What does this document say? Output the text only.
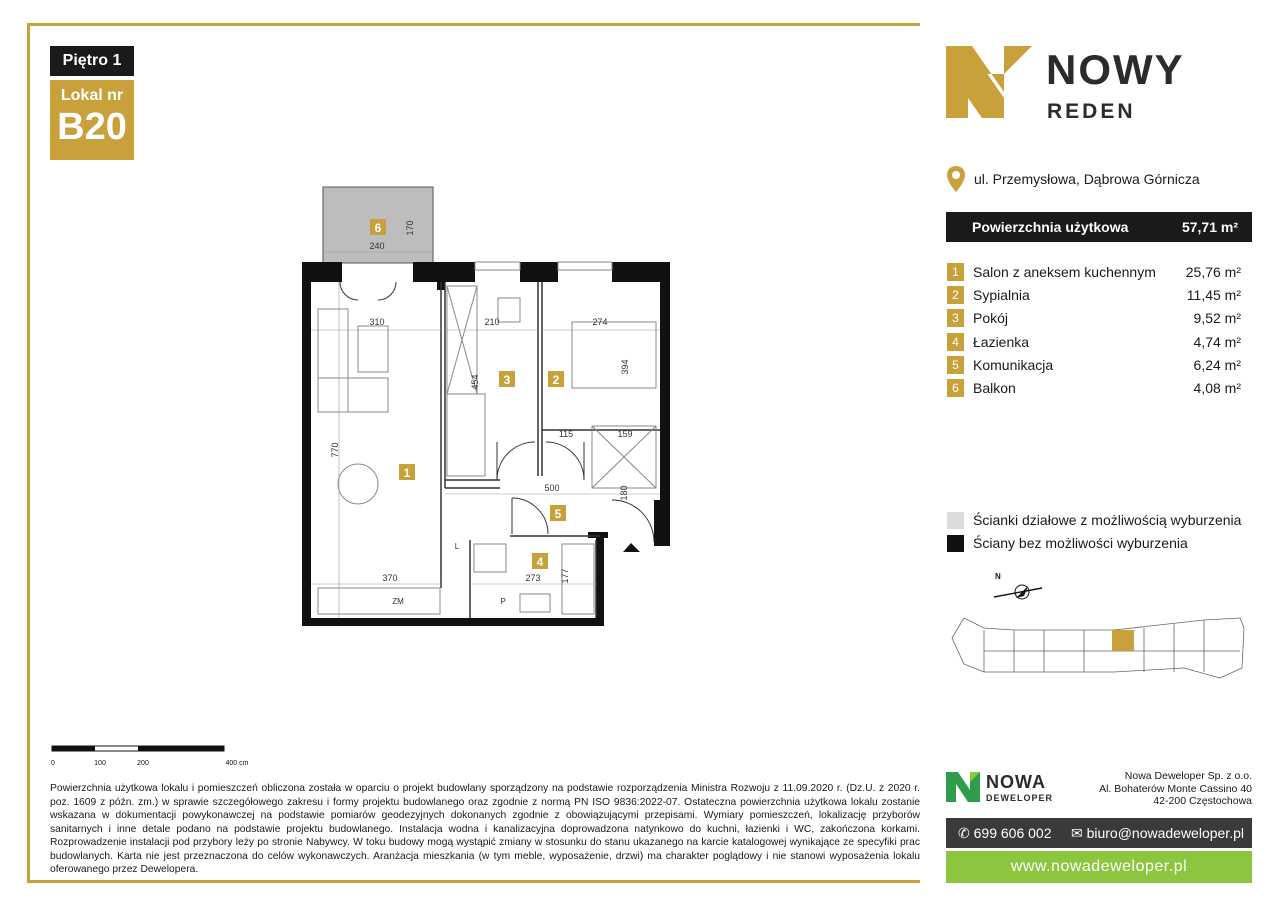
Piętro 1
Lokal nr
B20
6
1
3	2
5
4
170
240
310	210	274
454
394
770
115	159
500	180
370	273 177
L
ZM	P
0	100	200	400 cm
Powierzchnia użytkowa lokalu i pomieszczeń obliczona została w oparciu o projekt budowlany sporządzony na podstawie rozporządzenia Ministra Rozwoju z 11.09.2020 r. (Dz.U. z 2020 r. poz. 1609 z późn. zm.) w sprawie szczegółowego zakresu i formy projektu budowlanego oraz zgodnie z normą PN ISO 9836:2022-07. Ostateczna powierzchnia użytkowa lokalu zostanie wskazana w dokumentacji powykonawczej na podstawie pomiarów geodezyjnych dokonanych zgodnie z obowiązującymi przepisami. Wymiary pomieszczeń, lokalizację przyborów sanitarnych i inne detale podano na podstawie projektu budowlanego. Instalacja wodna i kanalizacyjna doprowadzona natynkowo do kuchni, łazienki i WC, zakończona korkami. Rozprowadzenie instalacji pod przybory leży po stronie Nabywcy. W toku budowy mogą wystąpić zmiany w stosunku do stanu ukazanego na karcie katalogowej wynikające ze specyfiki prac budowlanych. Karta nie jest przeznaczona do celów wykonawczych. Aranżacja mieszkania (w tym meble, wyposażenie, drzwi) ma charakter poglądowy i nie stanowi wyposażenia lokalu oferowanego przez Dewelopera.
NOWY
REDEN
ul. Przemysłowa, Dąbrowa Górnicza
Powierzchnia użytkowa	57,71 m²
1	Salon z aneksem kuchennym 25,76 m²
2	Sypialnia	11,45 m²
3	Pokój	9,52 m²
4	Łazienka	4,74 m²
5	Komunikacja	6,24 m²
6	Balkon	4,08 m²
Ścianki działowe z możliwością wyburzenia
Ściany bez możliwości wyburzenia
N
NOWA
DEWELOPER
Nowa Deweloper Sp. z o.o.
Al. Bohaterów Monte Cassino 40
42-200 Częstochowa
✆ 699 606 002 ✉ biuro@nowadeweloper.pl
www.nowadeweloper.pl
